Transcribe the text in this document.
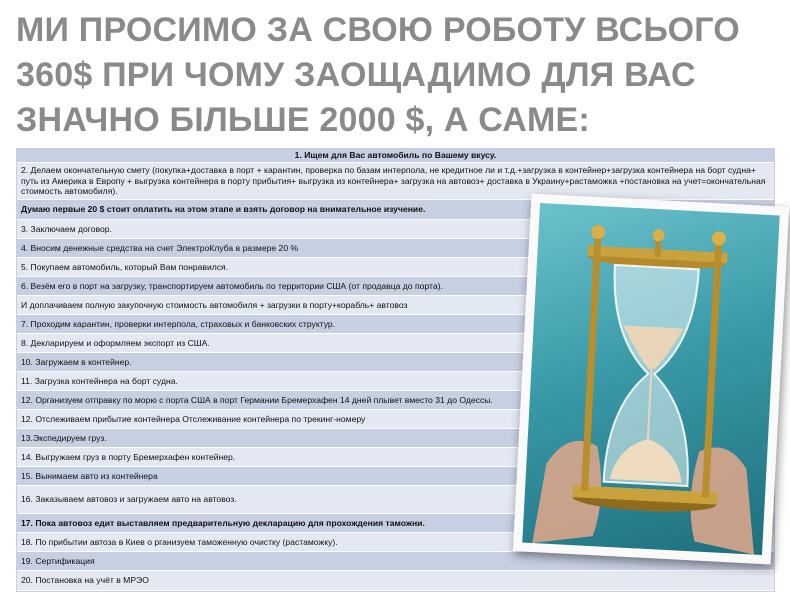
МИ ПРОСИМО ЗА СВОЮ РОБОТУ ВСЬОГО
360$ ПРИ ЧОМУ ЗАОЩАДИМО ДЛЯ ВАС
ЗНАЧНО БІЛЬШЕ 2000 $, А САМЕ:
1. Ищем для Вас автомобиль по Вашему вкусу.
2. Делаем окончательную смету (покупка+доставка в порт + карантин, проверка по базам интерпола, не кредитное ли и т.д.+загрузка в контейнер+загрузка контейнера на борт судна+ путь из Америка в Европу + выгрузка контейнера в порту прибытия+ выгрузка из контейнера+ загрузка на автовоз+ доставка в Украину+растаможка +постановка на учет=окончательная стоимость автомобиля).
Думаю первые 20 $ стоит оплатить на этом этапе и взять договор на внимательное изучение.
3. Заключаем договор.
4. Вносим денежные средства на счет ЭлектроКлуба в размере 20 %
5. Покупаем автомобиль, который Вам понравился.
6. Везём его в порт на загрузку, транспортируем автомобиль по территории США (от продавца до порта).
И доплачиваем полную закупочную стоимость автомобиля + загрузки в порту+корабль+ автовоз
7. Проходим карантин, проверки интерпола, страховых и банковских структур.
8. Декларируем и оформляем экспорт из США.
10. Загружаем в контейнер.
11. Загрузка контейнера на борт судна.
12. Организуем отправку по морю с порта США в порт Германии Бремерхафен 14 дней плывет вместо 31 до Одессы.
12. Отслеживаем прибытие контейнера Отслеживание контейнера по трекинг-номеру
13.Экспедируем груз.
14. Выгружаем груз в порту Бремерхафен контейнер.
15. Вынимаем авто из контейнера
16. Заказываем автовоз и загружаем авто на автовоз.
17. Пока автовоз едит выставляем предварительную декларацию для прохождения таможни.
18. По прибытии автоза в Киев о рганизуем таможенную очистку (растаможку).
19. Сертификация
20. Постановка на учёт в МРЭО
